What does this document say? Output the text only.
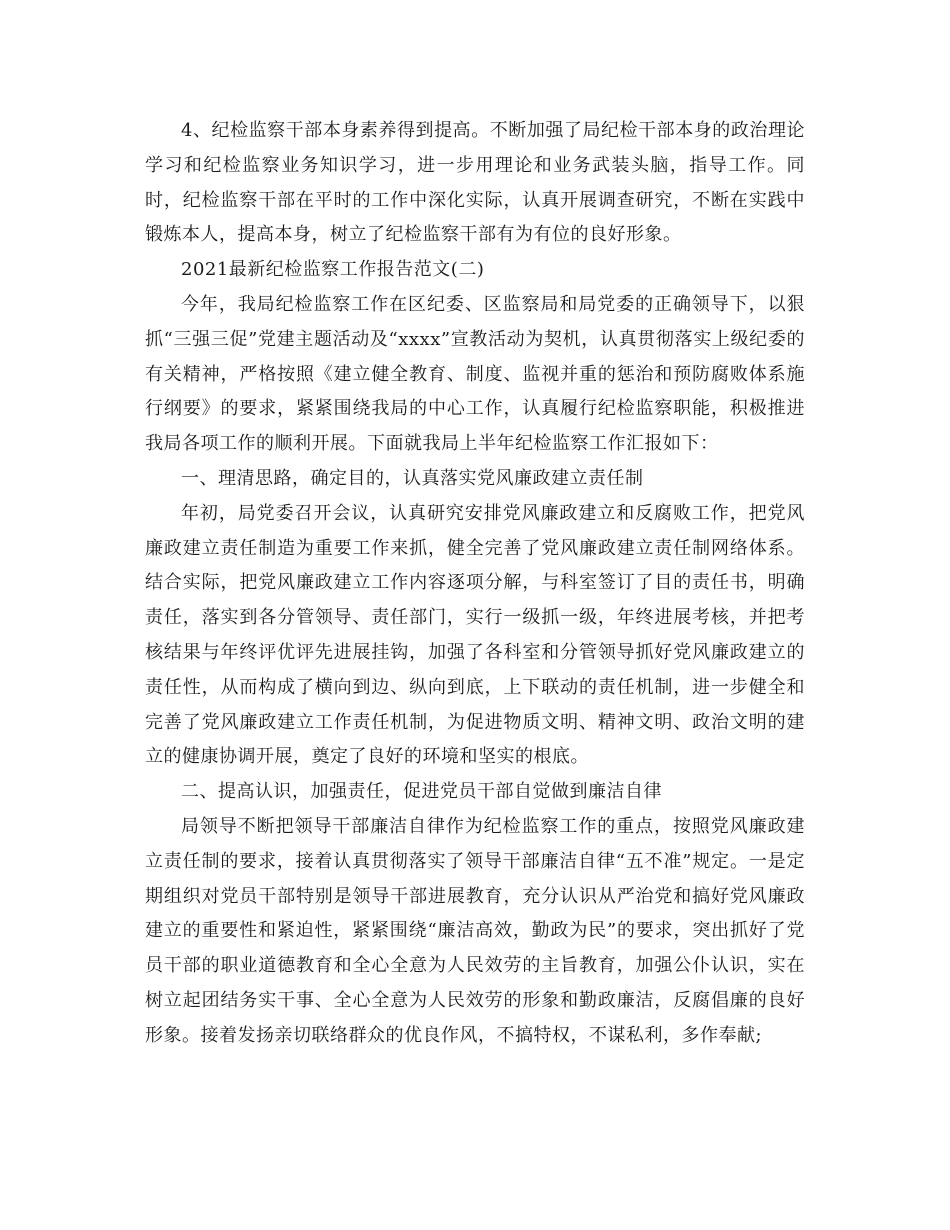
4、纪检监察干部本身素养得到提高。不断加强了局纪检干部本身的政治理论学习和纪检监察业务知识学习，进一步用理论和业务武装头脑，指导工作。同时，纪检监察干部在平时的工作中深化实际，认真开展调查研究，不断在实践中锻炼本人，提高本身，树立了纪检监察干部有为有位的良好形象。

2021最新纪检监察工作报告范文(二)

今年，我局纪检监察工作在区纪委、区监察局和局党委的正确领导下，以狠抓“三强三促”党建主题活动及“xxxx”宣教活动为契机，认真贯彻落实上级纪委的有关精神，严格按照《建立健全教育、制度、监视并重的惩治和预防腐败体系施行纲要》的要求，紧紧围绕我局的中心工作，认真履行纪检监察职能，积极推进我局各项工作的顺利开展。下面就我局上半年纪检监察工作汇报如下：

一、理清思路，确定目的，认真落实党风廉政建立责任制

年初，局党委召开会议，认真研究安排党风廉政建立和反腐败工作，把党风廉政建立责任制造为重要工作来抓，健全完善了党风廉政建立责任制网络体系。结合实际，把党风廉政建立工作内容逐项分解，与科室签订了目的责任书，明确责任，落实到各分管领导、责任部门，实行一级抓一级，年终进展考核，并把考核结果与年终评优评先进展挂钩，加强了各科室和分管领导抓好党风廉政建立的责任性，从而构成了横向到边、纵向到底，上下联动的责任机制，进一步健全和完善了党风廉政建立工作责任机制，为促进物质文明、精神文明、政治文明的建立的健康协调开展，奠定了良好的环境和坚实的根底。

二、提高认识，加强责任，促进党员干部自觉做到廉洁自律

局领导不断把领导干部廉洁自律作为纪检监察工作的重点，按照党风廉政建立责任制的要求，接着认真贯彻落实了领导干部廉洁自律“五不准”规定。一是定期组织对党员干部特别是领导干部进展教育，充分认识从严治党和搞好党风廉政建立的重要性和紧迫性，紧紧围绕“廉洁高效，勤政为民”的要求，突出抓好了党员干部的职业道德教育和全心全意为人民效劳的主旨教育，加强公仆认识，实在树立起团结务实干事、全心全意为人民效劳的形象和勤政廉洁，反腐倡廉的良好形象。接着发扬亲切联络群众的优良作风，不搞特权，不谋私利，多作奉献;
